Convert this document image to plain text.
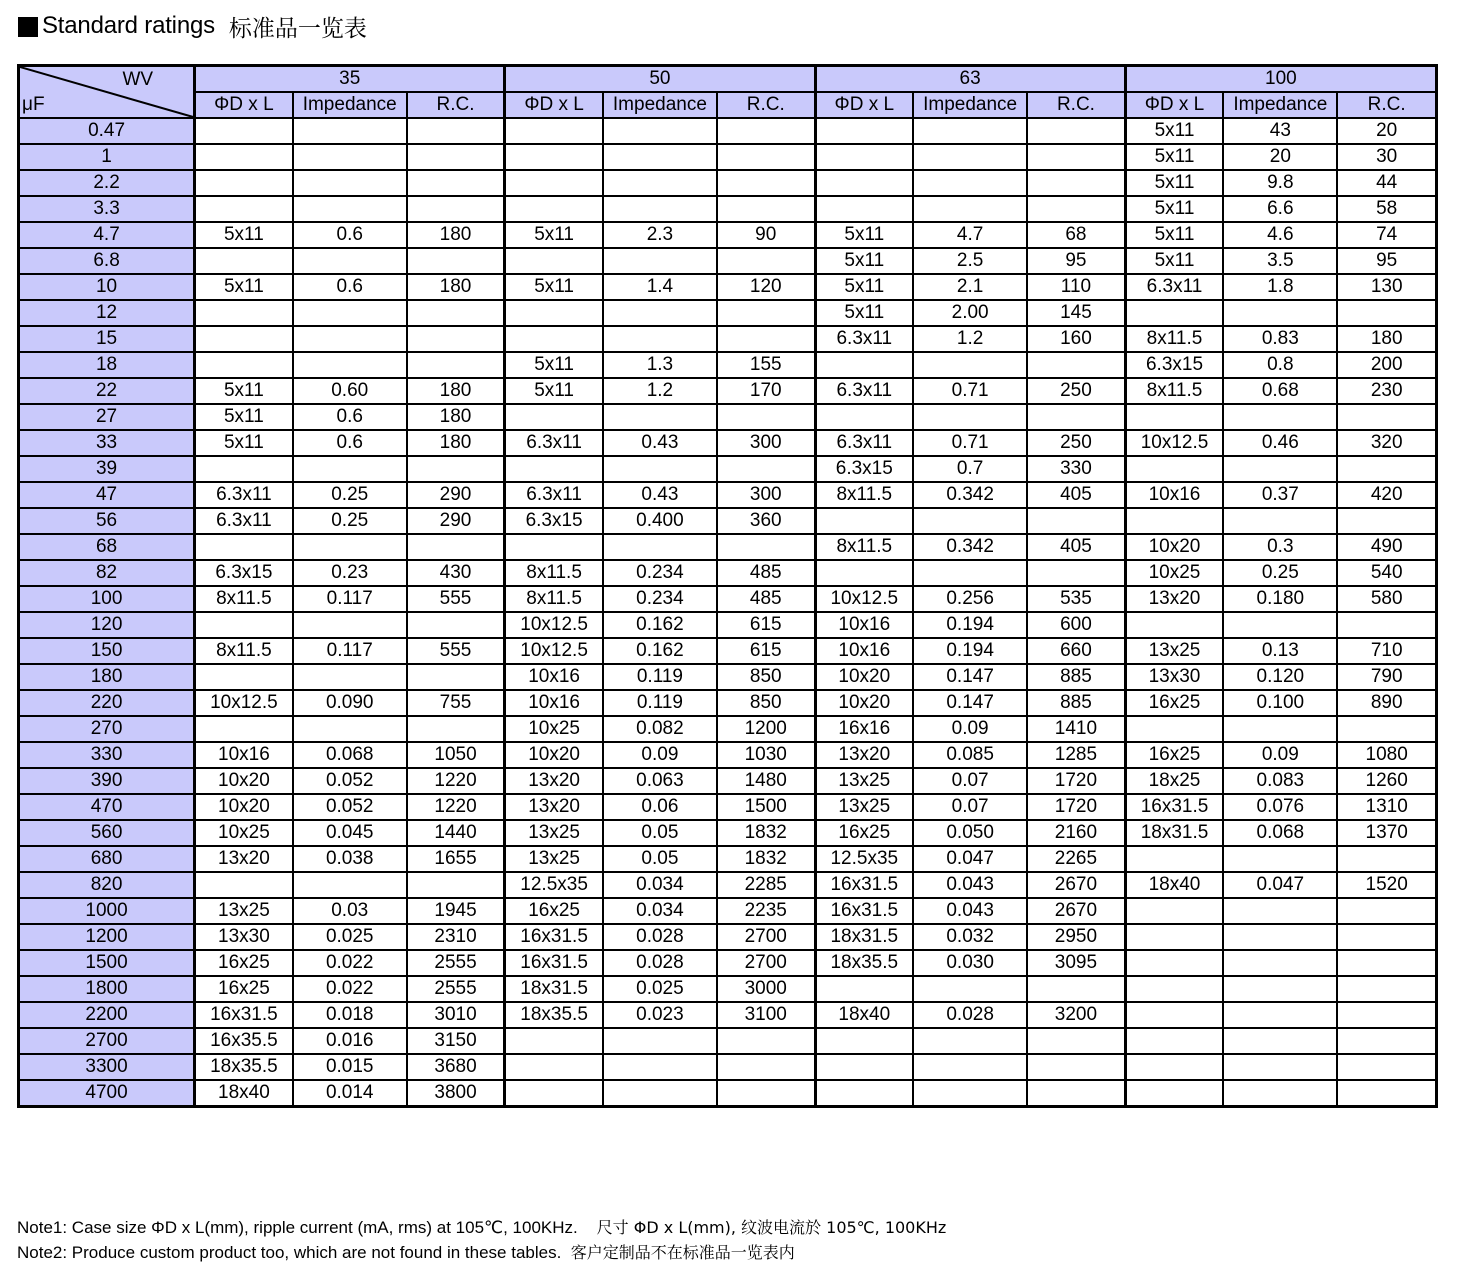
Standard ratings 标准品一览表
WV
μF	35			50			63			100		
	ΦD x L	Impedance	R.C.	ΦD x L	Impedance	R.C.	ΦD x L	Impedance	R.C.	ΦD x L	Impedance	R.C.
0.47										5x11	43	20
1										5x11	20	30
2.2										5x11	9.8	44
3.3										5x11	6.6	58
4.7	5x11	0.6	180	5x11	2.3	90	5x11	4.7	68	5x11	4.6	74
6.8							5x11	2.5	95	5x11	3.5	95
10	5x11	0.6	180	5x11	1.4	120	5x11	2.1	110	6.3x11	1.8	130
12							5x11	2.00	145			
15							6.3x11	1.2	160	8x11.5	0.83	180
18				5x11	1.3	155				6.3x15	0.8	200
22	5x11	0.60	180	5x11	1.2	170	6.3x11	0.71	250	8x11.5	0.68	230
27	5x11	0.6	180									
33	5x11	0.6	180	6.3x11	0.43	300	6.3x11	0.71	250	10x12.5	0.46	320
39							6.3x15	0.7	330			
47	6.3x11	0.25	290	6.3x11	0.43	300	8x11.5	0.342	405	10x16	0.37	420
56	6.3x11	0.25	290	6.3x15	0.400	360						
68							8x11.5	0.342	405	10x20	0.3	490
82	6.3x15	0.23	430	8x11.5	0.234	485				10x25	0.25	540
100	8x11.5	0.117	555	8x11.5	0.234	485	10x12.5	0.256	535	13x20	0.180	580
120				10x12.5	0.162	615	10x16	0.194	600			
150	8x11.5	0.117	555	10x12.5	0.162	615	10x16	0.194	660	13x25	0.13	710
180				10x16	0.119	850	10x20	0.147	885	13x30	0.120	790
220	10x12.5	0.090	755	10x16	0.119	850	10x20	0.147	885	16x25	0.100	890
270				10x25	0.082	1200	16x16	0.09	1410			
330	10x16	0.068	1050	10x20	0.09	1030	13x20	0.085	1285	16x25	0.09	1080
390	10x20	0.052	1220	13x20	0.063	1480	13x25	0.07	1720	18x25	0.083	1260
470	10x20	0.052	1220	13x20	0.06	1500	13x25	0.07	1720	16x31.5	0.076	1310
560	10x25	0.045	1440	13x25	0.05	1832	16x25	0.050	2160	18x31.5	0.068	1370
680	13x20	0.038	1655	13x25	0.05	1832	12.5x35	0.047	2265			
820				12.5x35	0.034	2285	16x31.5	0.043	2670	18x40	0.047	1520
1000	13x25	0.03	1945	16x25	0.034	2235	16x31.5	0.043	2670			
1200	13x30	0.025	2310	16x31.5	0.028	2700	18x31.5	0.032	2950			
1500	16x25	0.022	2555	16x31.5	0.028	2700	18x35.5	0.030	3095			
1800	16x25	0.022	2555	18x31.5	0.025	3000						
2200	16x31.5	0.018	3010	18x35.5	0.023	3100	18x40	0.028	3200			
2700	16x35.5	0.016	3150									
3300	18x35.5	0.015	3680									
4700	18x40	0.014	3800									
Note1: Case size ΦD x L(mm), ripple current (mA, rms) at 105℃, 100KHz. 尺寸 ΦD x L(mm), 纹波电流於 105℃, 100KHz
Note2: Produce custom product too, which are not found in these tables. 客户定制品不在标准品一览表内
